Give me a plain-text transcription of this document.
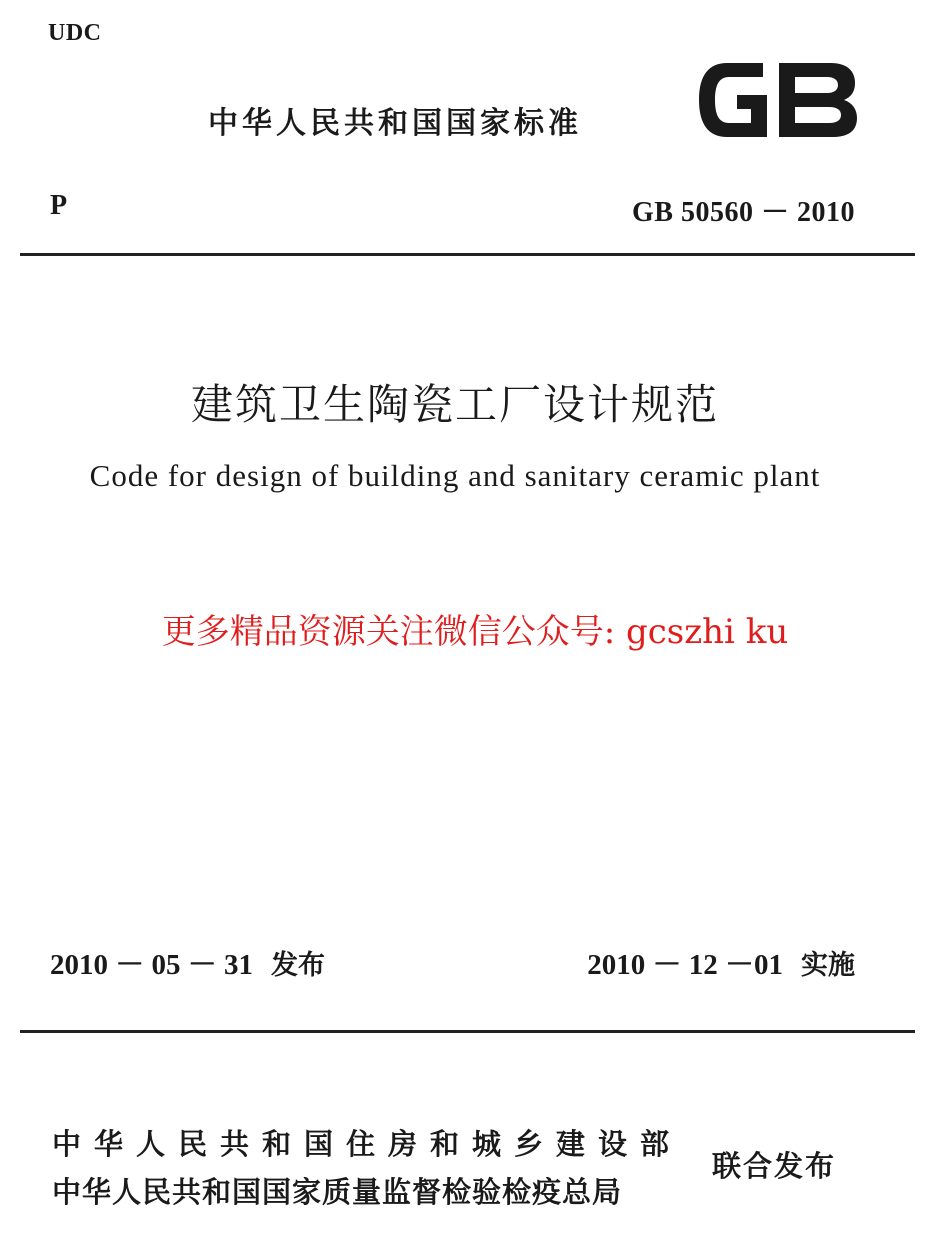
UDC
中华人民共和国国家标准
P	GB 50560 － 2010
建筑卫生陶瓷工厂设计规范
Code for design of building and sanitary ceramic plant
更多精品资源关注微信公众号: gcszhi ku
2010 － 05 － 31 发布	2010 － 12 －01 实施
中华人民共和国住房和城乡建设部
中华人民共和国国家质量监督检验检疫总局
联合发布
